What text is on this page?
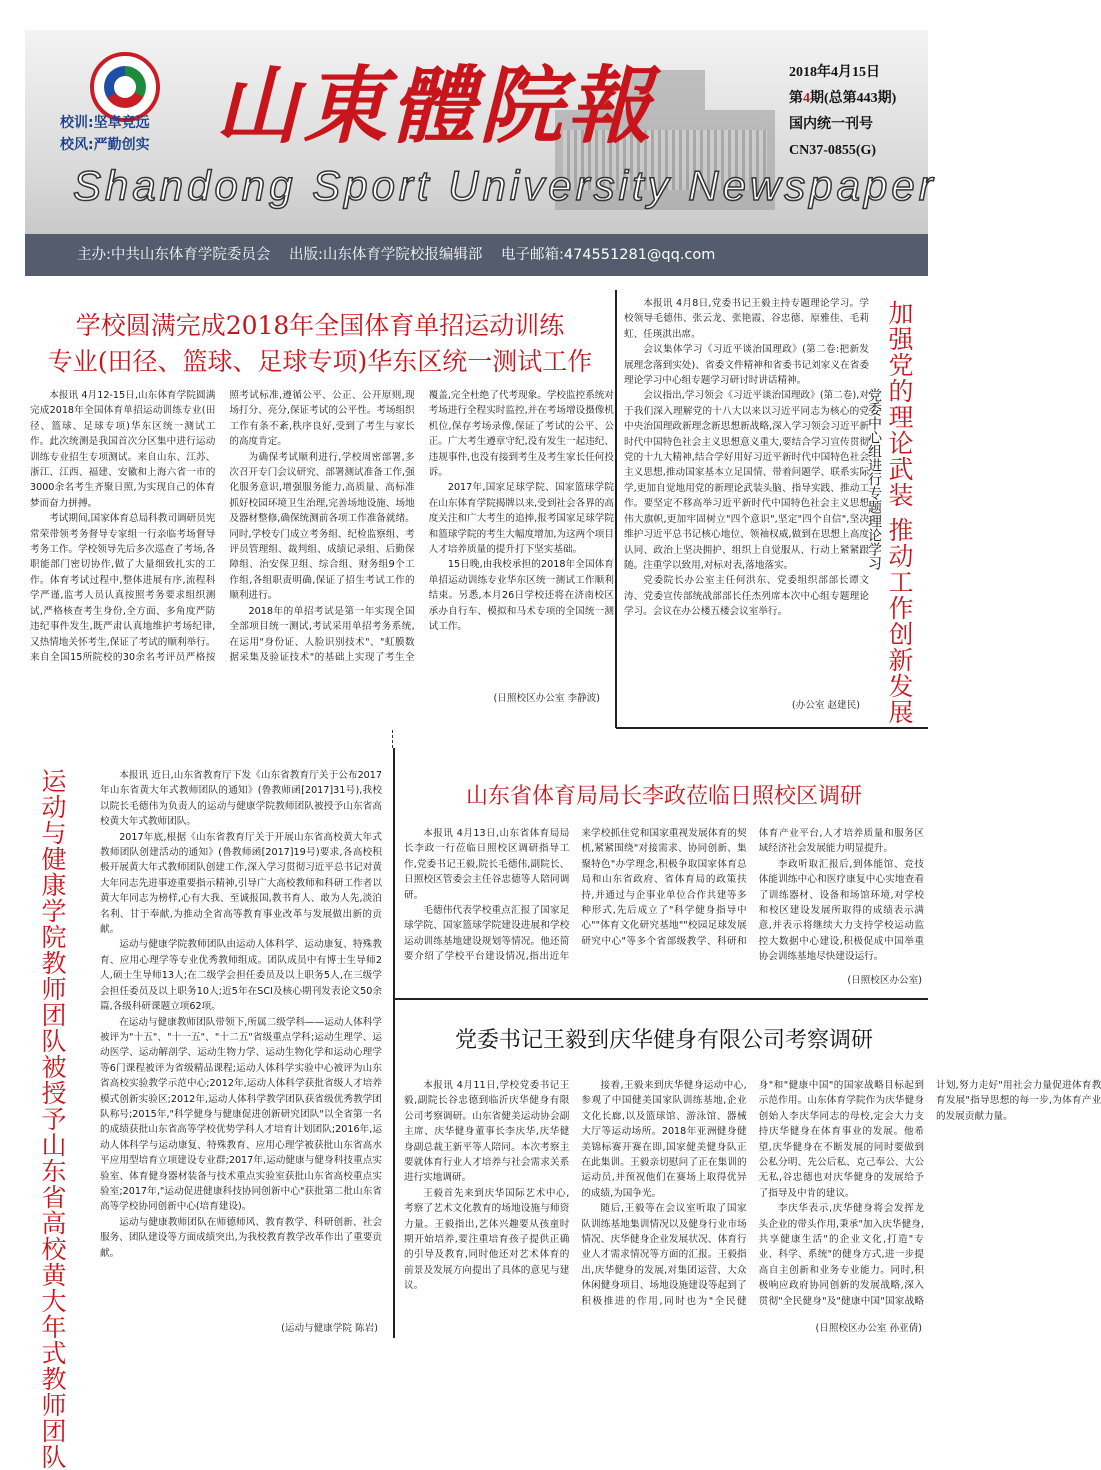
校训:坚卓竞远
校风:严勤创实 山東體院報
Shandong Sport University Newspaper
2018年4月15日
第4期(总第443期)
国内统一刊号
CN37-0855(G)
主办:中共山东体育学院委员会 出版:山东体育学院校报编辑部 电子邮箱:474551281@qq.com
学校圆满完成2018年全国体育单招运动训练
专业(田径、篮球、足球专项)华东区统一测试工作

本报讯 4月12-15日,山东体育学院圆满完成2018年全国体育单招运动训练专业(田径、篮球、足球专项)华东区统一测试工作。此次统测是我国首次分区集中进行运动训练专业招生专项测试。来自山东、江苏、浙江、江西、福建、安徽和上海六省一市的3000余名考生齐聚日照,为实现自己的体育梦而奋力拼搏。

考试期间,国家体育总局科教司调研员宪常荣带领考务督导专家组一行亲临考场督导考务工作。学校领导先后多次巡查了考场,各职能部门密切协作,做了大量细致扎实的工作。体育考试过程中,整体进展有序,流程科学严谨,监考人员认真按照考务要求组织测试,严格核查考生身份,全方面、多角度严防违纪事件发生,既严肃认真地维护考场纪律,又热情地关怀考生,保证了考试的顺利举行。来自全国15所院校的30余名考评员严格按照考试标准,遵循公平、公正、公开原则,现场打分、亮分,保证考试的公平性。考场组织工作有条不紊,秩序良好,受到了考生与家长的高度肯定。

为确保考试顺利进行,学校周密部署,多次召开专门会议研究、部署测试准备工作,强化服务意识,增强服务能力,高质量、高标准抓好校园环境卫生治理,完善场地设施、场地及器材整修,确保统测前各项工作准备就绪。同时,学校专门成立考务组、纪检监察组、考评员管理组、裁判组、成绩记录组、后勤保障组、治安保卫组、综合组、财务组9个工作组,各组职责明确,保证了招生考试工作的顺利进行。

2018年的单招考试是第一年实现全国全部项目统一测试,考试采用单招考务系统,在运用"身份证、人脸识别技术"、"虹膜数据采集及验证技术"的基础上实现了考生全覆盖,完全杜绝了代考现象。学校监控系统对考场进行全程实时监控,并在考场增设摄像机机位,保存考场录像,保证了考试的公平、公正。广大考生遵章守纪,没有发生一起违纪、违规事件,也没有接到考生及考生家长任何投诉。

2017年,国家足球学院、国家篮球学院在山东体育学院揭牌以来,受到社会各界的高度关注和广大考生的追捧,报考国家足球学院和篮球学院的考生大幅度增加,为这两个项目人才培养质量的提升打下坚实基础。

15日晚,由我校承担的2018年全国体育单招运动训练专业华东区统一测试工作顺利结束。另悉,本月26日学校还将在济南校区承办自行车、模拟和马术专项的全国统一测试工作。

(日照校区办公室 李静波)

本报讯 4月8日,党委书记王毅主持专题理论学习。学校领导毛德伟、张云龙、张艳霞、谷忠德、原雅佳、毛莉虹、任瑛淇出席。

会议集体学习《习近平谈治国理政》(第二卷:把新发展理念落到实处)、省委文件精神和省委书记刘家义在省委理论学习中心组专题学习研讨时讲话精神。

会议指出,学习领会《习近平谈治国理政》(第二卷),对于我们深入理解党的十八大以来以习近平同志为核心的党中央治国理政新理念新思想新战略,深入学习领会习近平新时代中国特色社会主义思想意义重大,要结合学习宣传贯彻党的十九大精神,结合学好用好习近平新时代中国特色社会主义思想,推动国家基本立足国情、带着问题学、联系实际学,更加自觉地用党的新理论武装头脑、指导实践、推动工作。要坚定不移高举习近平新时代中国特色社会主义思想伟大旗帜,更加牢固树立"四个意识",坚定"四个自信",坚决维护习近平总书记核心地位、领袖权威,做到在思想上高度认同、政治上坚决拥护、组织上自觉服从、行动上紧紧跟随。注重学以致用,对标对表,落地落实。

党委院长办公室主任何洪东、党委组织部部长谭文涛、党委宣传部统战部部长任杰列席本次中心组专题理论学习。会议在办公楼五楼会议室举行。

(办公室 赵建民) 加强党的理论武装 推动工作创新发展
党委中心组进行专题理论学习
运动与健康学院教师团队被授予山东省高校黄大年式教师团队	本报讯 近日,山东省教育厅下发《山东省教育厅关于公布2017年山东省黄大年式教师团队的通知》(鲁教师函[2017]31号),我校以院长毛德伟为负责人的运动与健康学院教师团队被授予山东省高校黄大年式教师团队。

2017年底,根据《山东省教育厅关于开展山东省高校黄大年式教师团队创建活动的通知》(鲁教师函[2017]19号)要求,各高校积极开展黄大年式教师团队创建工作,深入学习贯彻习近平总书记对黄大年同志先进事迹重要指示精神,引导广大高校教师和科研工作者以黄大年同志为榜样,心有大我、至诚报国,教书育人、敢为人先,淡泊名利、甘于奉献,为推动全省高等教育事业改革与发展做出新的贡献。

运动与健康学院教师团队由运动人体科学、运动康复、特殊教育、应用心理学等专业优秀教师组成。团队成员中有博士生导师2人,硕士生导师13人;在二级学会担任委员及以上职务5人,在三级学会担任委员及以上职务10人;近5年在SCI及核心期刊发表论文50余篇,各级科研课题立项62项。

在运动与健康教师团队带领下,所属二级学科——运动人体科学被评为"十五"、"十一五"、"十二五"省级重点学科;运动生理学、运动医学、运动解剖学、运动生物力学、运动生物化学和运动心理学等6门课程被评为省级精品课程;运动人体科学实验中心被评为山东省高校实验教学示范中心;2012年,运动人体科学获批省级人才培养模式创新实验区;2012年,运动人体科学教学团队获省级优秀教学团队称号;2015年,"科学健身与健康促进创新研究团队"以全省第一名的成绩获批山东省高等学校优势学科人才培育计划团队;2016年,运动人体科学与运动康复、特殊教育、应用心理学被获批山东省高水平应用型培育立项建设专业群;2017年,运动健康与健身科技重点实验室、体育健身器材装备与技术重点实验室获批山东省高校重点实验室;2017年,"运动促进健康科技协同创新中心"获批第二批山东省高等学校协同创新中心(培育建设)。

运动与健康教师团队在师德师风、教育教学、科研创新、社会服务、团队建设等方面成绩突出,为我校教育教学改革作出了重要贡献。

(运动与健康学院 陈岩)
山东省体育局局长李政莅临日照校区调研

本报讯 4月13日,山东省体育局局长李政一行莅临日照校区调研指导工作,党委书记王毅,院长毛德伟,副院长、日照校区管委会主任谷忠德等人陪同调研。

毛德伟代表学校重点汇报了国家足球学院、国家篮球学院建设进展和学校运动训练基地建设规划等情况。他还简要介绍了学校平台建设情况,指出近年来学校抓住党和国家重视发展体育的契机,紧紧围绕"对接需求、协同创新、集聚特色"办学理念,积极争取国家体育总局和山东省政府、省体育局的政策扶持,并通过与企事业单位合作共建等多种形式,先后成立了"科学健身指导中心""体育文化研究基地""校园足球发展研究中心"等多个省部级教学、科研和体育产业平台,人才培养质量和服务区域经济社会发展能力明显提升。

李政听取汇报后,到体能馆、竞技体能训练中心和医疗康复中心实地查看了训练器材、设备和场馆环境,对学校和校区建设发展所取得的成绩表示满意,并表示将继续大力支持学校运动监控大数据中心建设,积极促成中国举重协会训练基地尽快建设运行。

(日照校区办公室)
党委书记王毅到庆华健身有限公司考察调研

本报讯 4月11日,学校党委书记王毅,副院长谷忠德到临沂庆华健身有限公司考察调研。山东省健美运动协会副主席、庆华健身董事长李庆华,庆华健身副总裁王新平等人陪同。本次考察主要就体育行业人才培养与社会需求关系进行实地调研。

王毅首先来到庆华国际艺术中心,考察了艺术文化教育的场地设施与师资力量。王毅指出,艺体兴趣要从孩童时期开始培养,要注重培育孩子提供正确的引导及教育,同时他还对艺术体育的前景及发展方向提出了具体的意见与建议。

接着,王毅来到庆华健身运动中心,参观了中国健美国家队训练基地,企业文化长廊,以及篮球馆、游泳馆、器械大厅等运动场所。2018年亚洲健身健美锦标赛开赛在即,国家健美健身队正在此集训。王毅亲切慰问了正在集训的运动员,并预祝他们在赛场上取得优异的成绩,为国争光。

随后,王毅等在会议室听取了国家队训练基地集训情况以及健身行业市场情况、庆华健身企业发展状况、体育行业人才需求情况等方面的汇报。王毅指出,庆华健身的发展,对集团运营、大众休闲健身项目、场地设施建设等起到了积极推进的作用,同时也为"全民健身"和"健康中国"的国家战略目标起到示范作用。山东体育学院作为庆华健身创始人李庆华同志的母校,定会大力支持庆华健身在体育事业的发展。他希望,庆华健身在不断发展的同时要做到公私分明、先公后私、克己奉公、大公无私,谷忠德也对庆华健身的发展给予了指导及中肯的建议。

李庆华表示,庆华健身将会发挥龙头企业的带头作用,秉承"加入庆华健身,共享健康生活"的企业文化,打造"专业、科学、系统"的健身方式,进一步提高自主创新和业务专业能力。同时,积极响应政府协同创新的发展战略,深入贯彻"全民健身"及"健康中国"国家战略计划,努力走好"用社会力量促进体育教育发展"指导思想的每一步,为体育产业的发展贡献力量。

(日照校区办公室 孙亚倩)
